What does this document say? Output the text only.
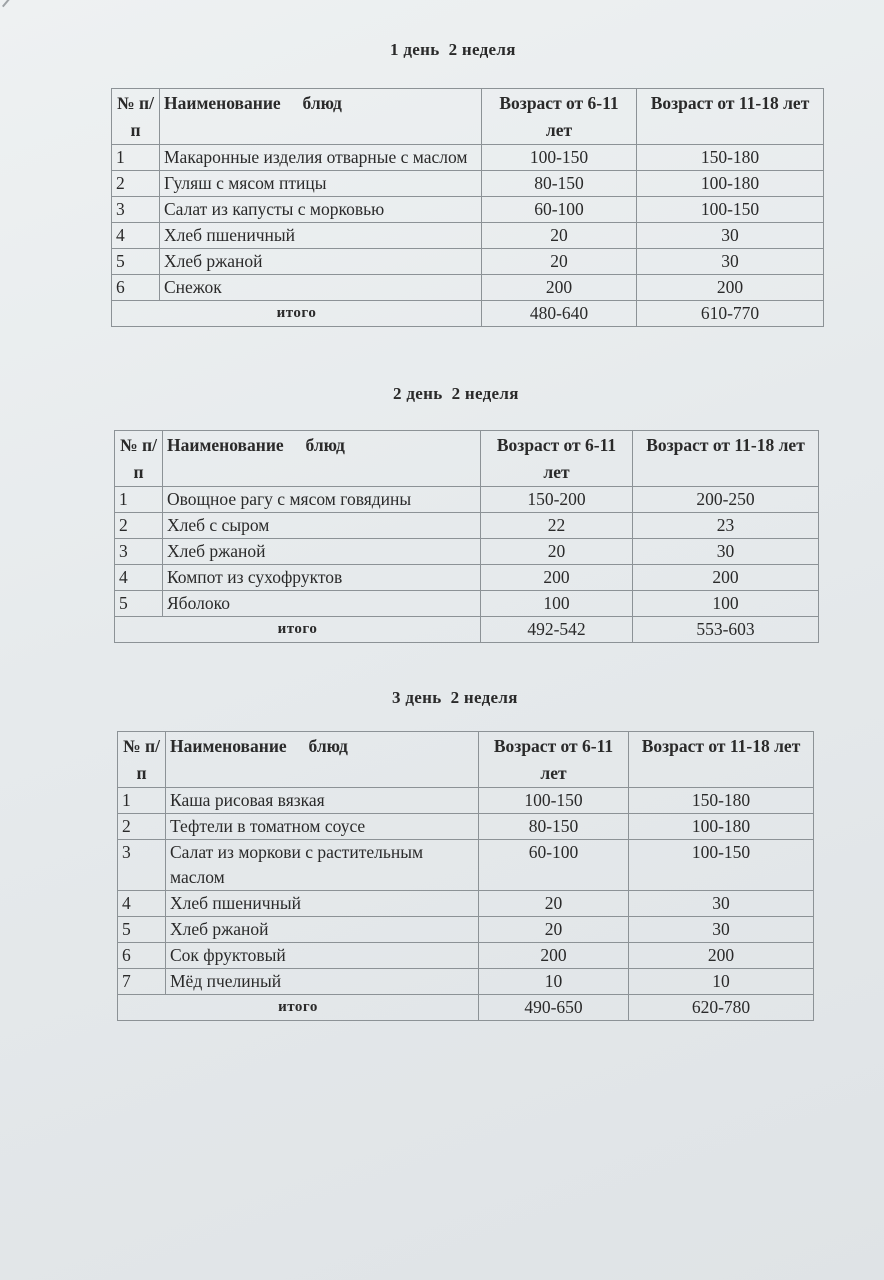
1 день  2 неделя
№ п/п	Наименование     блюд	Возраст от 6-11 лет	Возраст от 11-18 лет
1	Макаронные изделия отварные с маслом	100-150	150-180
2	Гуляш с мясом птицы	80-150	100-180
3	Салат из капусты с морковью	60-100	100-150
4	Хлеб пшеничный	20	30
5	Хлеб ржаной	20	30
6	Снежок	200	200
итого		480-640	610-770
2 день  2 неделя
№ п/п	Наименование     блюд	Возраст от 6-11 лет	Возраст от 11-18 лет
1	Овощное рагу с мясом говядины	150-200	200-250
2	Хлеб с сыром	22	23
3	Хлеб ржаной	20	30
4	Компот из сухофруктов	200	200
5	Яболоко	100	100
итого		492-542	553-603
3 день  2 неделя
№ п/п	Наименование     блюд	Возраст от 6-11 лет	Возраст от 11-18 лет
1	Каша рисовая вязкая	100-150	150-180
2	Тефтели в томатном соусе	80-150	100-180
3	Салат из моркови с растительным маслом	60-100	100-150
4	Хлеб пшеничный	20	30
5	Хлеб ржаной	20	30
6	Сок фруктовый	200	200
7	Мёд пчелиный	10	10
итого		490-650	620-780
